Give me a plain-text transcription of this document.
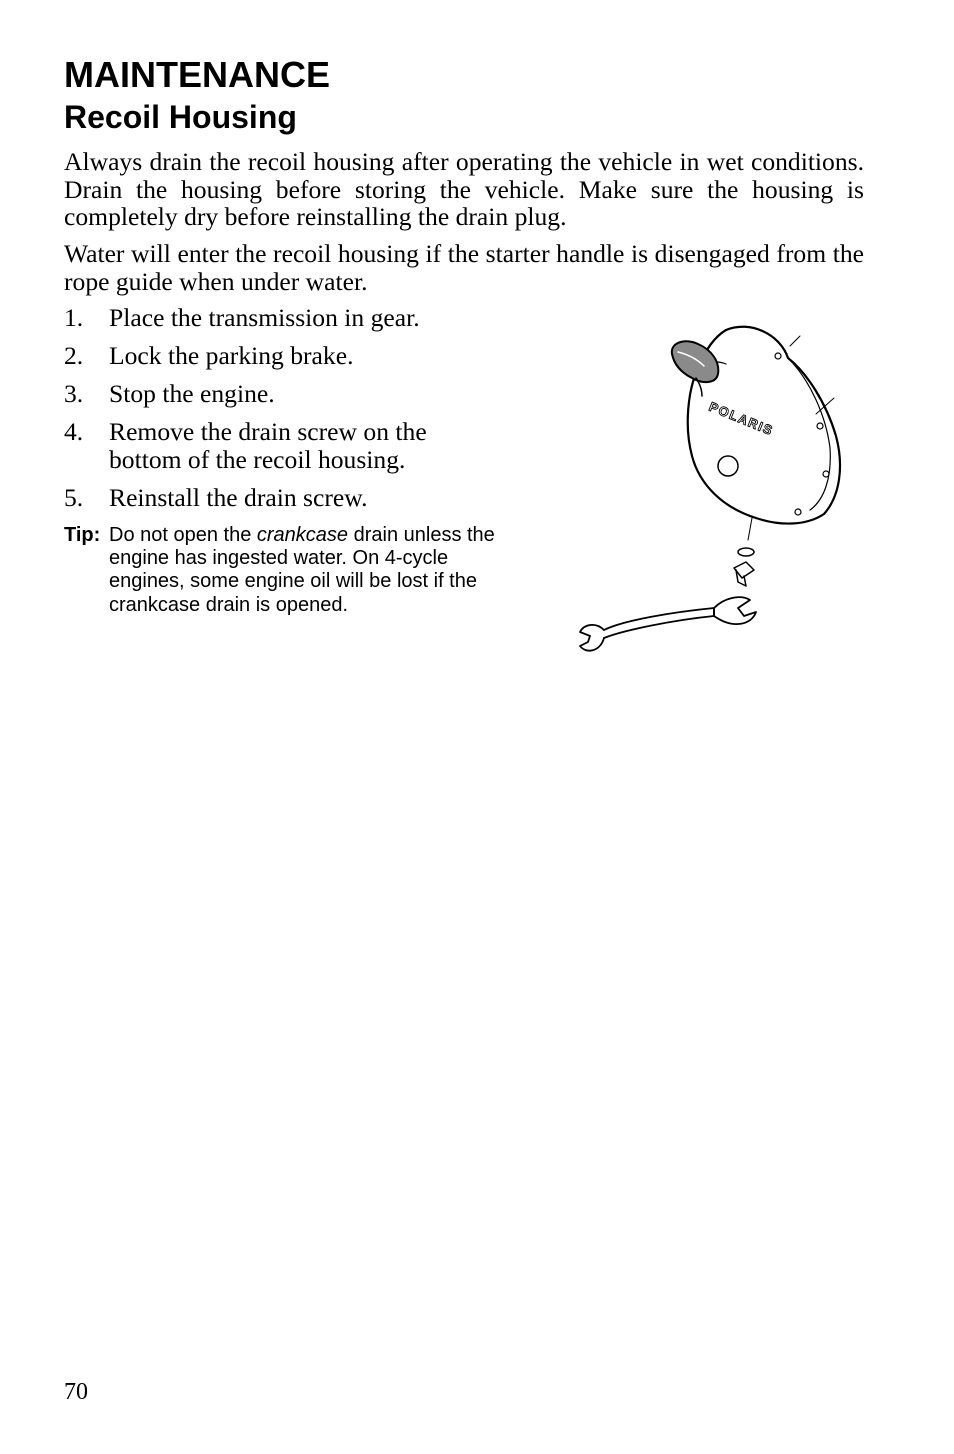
MAINTENANCE
Recoil Housing

Always drain the recoil housing after operating the vehicle in wet conditions. Drain the housing before storing the vehicle. Make sure the housing is completely dry before reinstalling the drain plug.

Water will enter the recoil housing if the starter handle is disengaged from the rope guide when under water.

1.	Place the transmission in gear.
2.	Lock the parking brake.
3.	Stop the engine.
4.	Remove the drain screw on the bottom of the recoil housing.
5.	Reinstall the drain screw.
Tip: Do not open the crankcase drain unless the engine has ingested water. On 4-cycle engines, some engine oil will be lost if the crankcase drain is opened.
POLARIS
70
